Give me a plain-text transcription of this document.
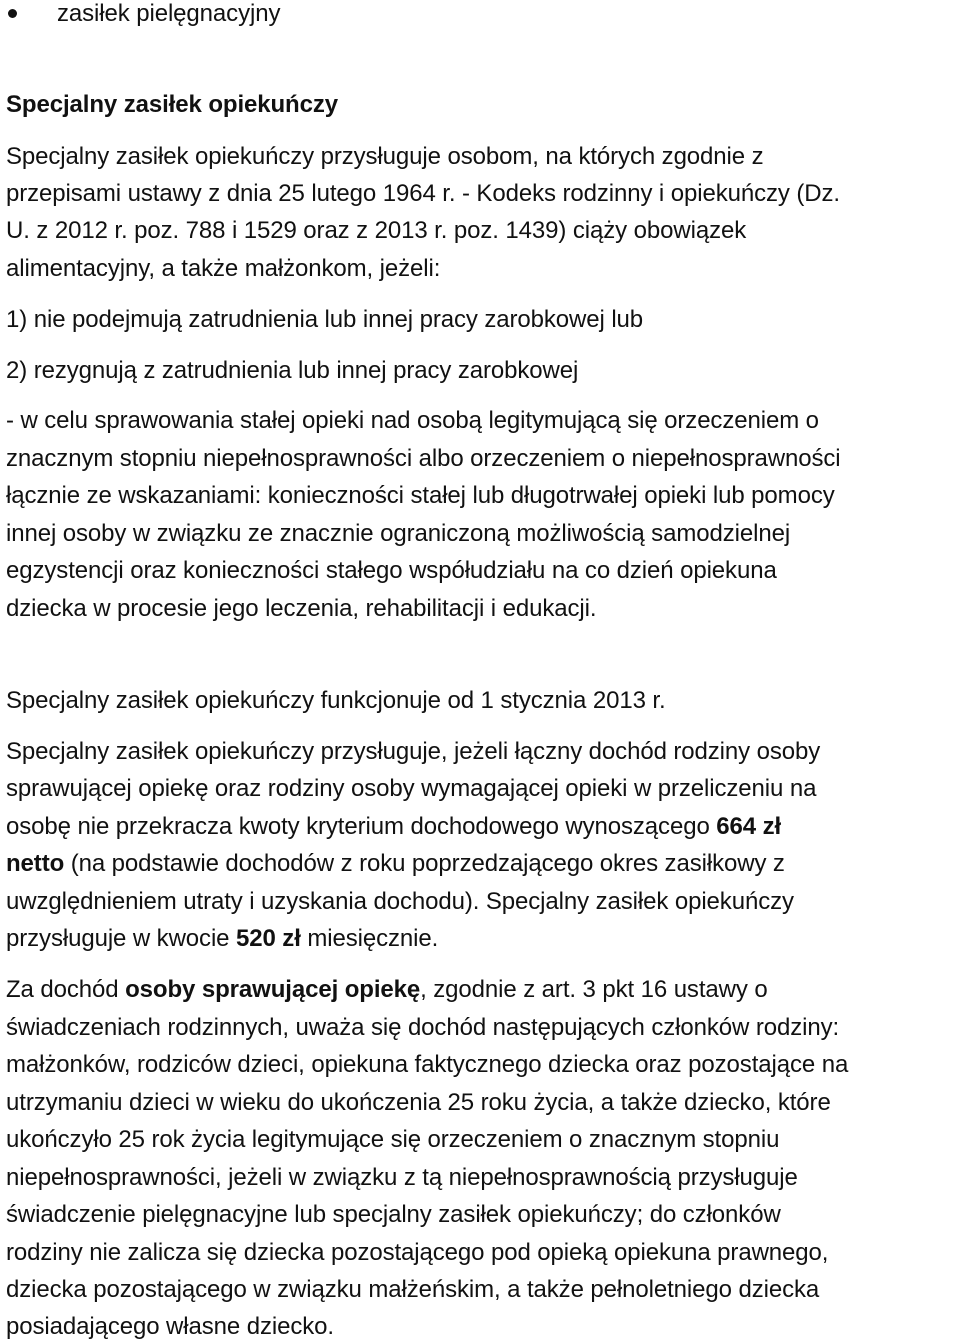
zasiłek pielęgnacyjny
Specjalny zasiłek opiekuńczy
Specjalny zasiłek opiekuńczy przysługuje osobom, na których zgodnie z
przepisami ustawy z dnia 25 lutego 1964 r. - Kodeks rodzinny i opiekuńczy (Dz.
U. z 2012 r. poz. 788 i 1529 oraz z 2013 r. poz. 1439) ciąży obowiązek
alimentacyjny, a także małżonkom, jeżeli:
1) nie podejmują zatrudnienia lub innej pracy zarobkowej lub
2) rezygnują z zatrudnienia lub innej pracy zarobkowej
- w celu sprawowania stałej opieki nad osobą legitymującą się orzeczeniem o
znacznym stopniu niepełnosprawności albo orzeczeniem o niepełnosprawności
łącznie ze wskazaniami: konieczności stałej lub długotrwałej opieki lub pomocy
innej osoby w związku ze znacznie ograniczoną możliwością samodzielnej
egzystencji oraz konieczności stałego współudziału na co dzień opiekuna
dziecka w procesie jego leczenia, rehabilitacji i edukacji.
Specjalny zasiłek opiekuńczy funkcjonuje od 1 stycznia 2013 r.
Specjalny zasiłek opiekuńczy przysługuje, jeżeli łączny dochód rodziny osoby
sprawującej opiekę oraz rodziny osoby wymagającej opieki w przeliczeniu na
osobę nie przekracza kwoty kryterium dochodowego wynoszącego 664 zł
netto (na podstawie dochodów z roku poprzedzającego okres zasiłkowy z
uwzględnieniem utraty i uzyskania dochodu). Specjalny zasiłek opiekuńczy
przysługuje w kwocie 520 zł miesięcznie.
Za dochód osoby sprawującej opiekę, zgodnie z art. 3 pkt 16 ustawy o
świadczeniach rodzinnych, uważa się dochód następujących członków rodziny:
małżonków, rodziców dzieci, opiekuna faktycznego dziecka oraz pozostające na
utrzymaniu dzieci w wieku do ukończenia 25 roku życia, a także dziecko, które
ukończyło 25 rok życia legitymujące się orzeczeniem o znacznym stopniu
niepełnosprawności, jeżeli w związku z tą niepełnosprawnością przysługuje
świadczenie pielęgnacyjne lub specjalny zasiłek opiekuńczy; do członków
rodziny nie zalicza się dziecka pozostającego pod opieką opiekuna prawnego,
dziecka pozostającego w związku małżeńskim, a także pełnoletniego dziecka
posiadającego własne dziecko.
